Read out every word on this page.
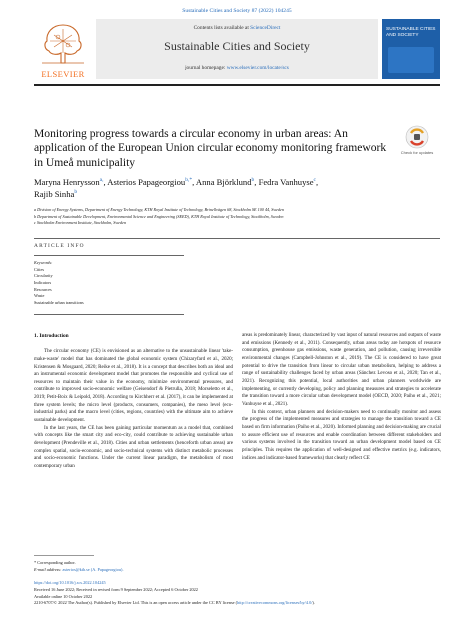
Sustainable Cities and Society 87 (2022) 104245
ELSEVIER
Contents lists available at ScienceDirect
Sustainable Cities and Society
journal homepage: www.elsevier.com/locate/scs
SUSTAINABLE CITIES AND SOCIETY
Monitoring progress towards a circular economy in urban areas: An application of the European Union circular economy monitoring framework in Umeå municipality
Check for updates
Maryna Henrysson$^{a,}$, Asterios Papageorgiou$^{b,*}$, Anna Björklund$^b$, Fedra Vanhuyse$^c$,
Rajib Sinha$^b$
a Division of Energy Systems, Department of Energy Technology, KTH Royal Institute of Technology, Brinellvägen 68, Stockholm SE 100 44, Sweden
b Department of Sustainable Development, Environmental Science and Engineering (SEED), KTH Royal Institute of Technology, Stockholm, Sweden
c Stockholm Environment Institute, Stockholm, Sweden
ARTICLE INFO
Keywords:
Cities
Circularity
Indicators
Resources
Waste
Sustainable urban transitions
1. Introduction

The circular economy (CE) is envisioned as an alternative to the unsustainable linear 'take-make-waste' model that has dominated the global economic system (Chizaryfard et al., 2020; Kristensen & Mosgaard, 2020; Reike et al., 2018). It is a concept that describes both an ideal and an instrumental economic development model that promotes the responsible and cyclical use of resources to maintain their value in the economy, minimize environmental pressures, and contribute to improved socio-economic welfare (Geisendorf & Pietrulla, 2018; Morseletto et al., 2019; Petit-Boix & Leipold, 2018). According to Kirchherr et al. (2017), it can be implemented at three system levels; the micro level (products, consumers, companies), the meso level (eco-industrial parks) and the macro level (cities, regions, countries) with the ultimate aim to achieve sustainable development.

In the last years, the CE has been gaining particular momentum as a model that, combined with concepts like the smart city and eco-city, could contribute to achieving sustainable urban development (Prendeville et al., 2018). Cities and urban settlements (henceforth urban areas) are complex spatial, socio-economic, and socio-technical systems with distinct metabolic processes and socio-economic functions. Under the current linear paradigm, the metabolism of most contemporary urban

areas is predominately linear, characterized by vast input of natural resources and outputs of waste and emissions (Kennedy et al., 2011). Consequently, urban areas today are hotspots of resource consumption, greenhouse gas emissions, waste generation, and pollution, causing irreversible environmental changes (Campbell-Johnston et al., 2019). The CE is considered to have great potential to drive the transition from linear to circular urban metabolism, helping to address a range of sustainability challenges faced by urban areas (Sánchez Levoso et al., 2020; Tan et al., 2021). Recognizing this potential, local authorities and urban planners worldwide are implementing, or currently developing, policy and planning measures and strategies to accelerate the transition toward a more circular urban development model (OECD, 2020; Paiho et al., 2021; Vanhuyse et al., 2021).

In this context, urban planners and decision-makers need to continually monitor and assess the progress of the implemented measures and strategies to manage the transition toward a CE based on firm information (Paiho et al., 2020). Informed planning and decision-making are crucial to assure efficient use of resources and enable coordination between different stakeholders and various systems involved in the transition toward an urban development model based on CE principles. This requires the application of well-designed and effective metrics (e.g. indicators, indices and indicator-based frameworks) that clearly reflect CE

* Corresponding author.
E-mail address: asterios@kth.se (A. Papageorgiou).
https://doi.org/10.1016/j.scs.2022.104245
Received 16 June 2022; Received in revised form 9 September 2022; Accepted 6 October 2022
Available online 10 October 2022
2210-6707/© 2022 The Author(s). Published by Elsevier Ltd. This is an open access article under the CC BY license (http://creativecommons.org/licenses/by/4.0/).
